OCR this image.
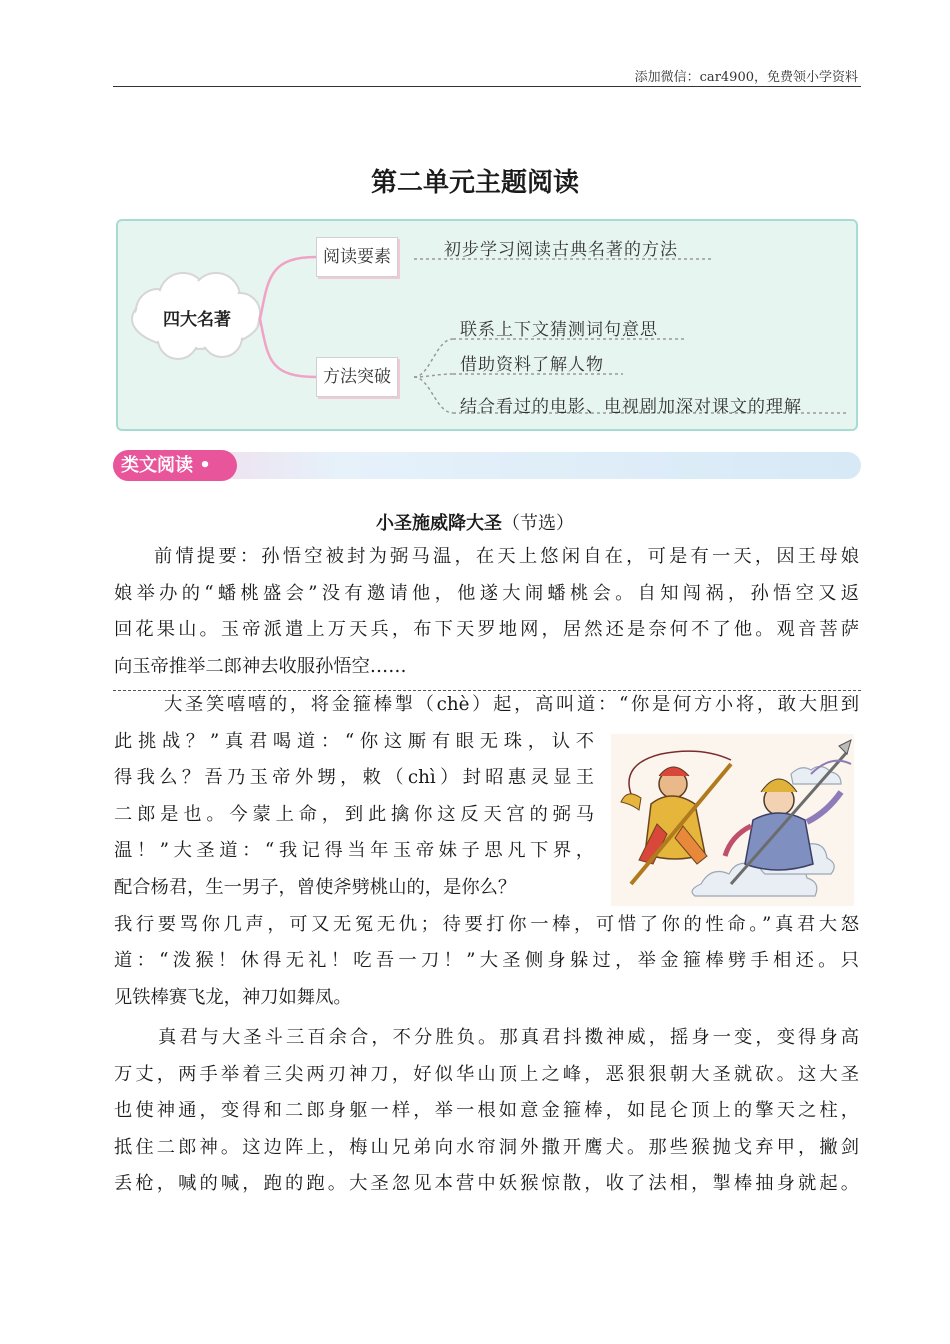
添加微信：car4900，免费领小学资料
第二单元主题阅读
四大名著
阅读要素	初步学习阅读古典名著的方法
方法突破
联系上下文猜测词句意思
借助资料了解人物
结合看过的电影、电视剧加深对课文的理解
类文阅读 •
小圣施威降大圣（节选）
前情提要：孙悟空被封为弼马温，在天上悠闲自在，可是有一天，因王母娘
娘举办的“蟠桃盛会”没有邀请他，他遂大闹蟠桃会。自知闯祸，孙悟空又返
回花果山。玉帝派遣上万天兵，布下天罗地网，居然还是奈何不了他。观音菩萨
向玉帝推举二郎神去收服孙悟空……
大圣笑嘻嘻的，将金箍棒掣（chè）起，高叫道：“你是何方小将，敢大胆到
此挑战？”真君喝道：“你这厮有眼无珠，认不
得我么？吾乃玉帝外甥，敕（chì）封昭惠灵显王
二郎是也。今蒙上命，到此擒你这反天宫的弼马
温！”大圣道：“我记得当年玉帝妹子思凡下界，
配合杨君，生一男子，曾使斧劈桃山的，是你么？
我行要骂你几声，可又无冤无仇；待要打你一棒，可惜了你的性命。”真君大怒
道：“泼猴！休得无礼！吃吾一刀！”大圣侧身躲过，举金箍棒劈手相还。只
见铁棒赛飞龙，神刀如舞凤。
真君与大圣斗三百余合，不分胜负。那真君抖擞神威，摇身一变，变得身高
万丈，两手举着三尖两刃神刀，好似华山顶上之峰，恶狠狠朝大圣就砍。这大圣
也使神通，变得和二郎身躯一样，举一根如意金箍棒，如昆仑顶上的擎天之柱，
抵住二郎神。这边阵上，梅山兄弟向水帘洞外撒开鹰犬。那些猴抛戈弃甲，撇剑
丢枪，喊的喊，跑的跑。大圣忽见本营中妖猴惊散，收了法相，掣棒抽身就起。
